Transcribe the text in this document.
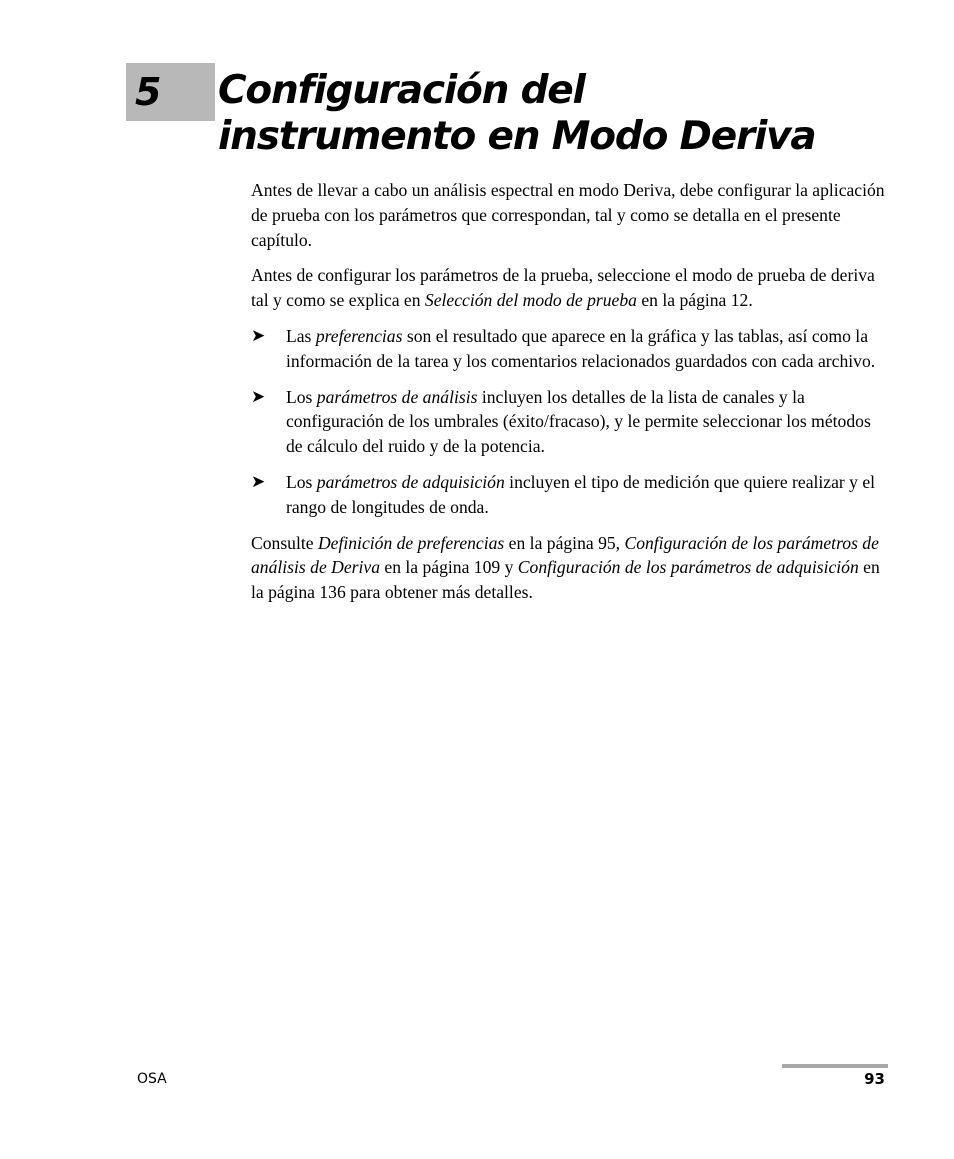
5 Configuración del
instrumento en Modo Deriva

Antes de llevar a cabo un análisis espectral en modo Deriva, debe configurar la aplicación de prueba con los parámetros que correspondan, tal y como se detalla en el presente capítulo.

Antes de configurar los parámetros de la prueba, seleccione el modo de prueba de deriva tal y como se explica en Selección del modo de prueba en la página 12.

➤ Las preferencias son el resultado que aparece en la gráfica y las tablas, así como la información de la tarea y los comentarios relacionados guardados con cada archivo.
➤ Los parámetros de análisis incluyen los detalles de la lista de canales y la configuración de los umbrales (éxito/fracaso), y le permite seleccionar los métodos de cálculo del ruido y de la potencia.
➤ Los parámetros de adquisición incluyen el tipo de medición que quiere realizar y el rango de longitudes de onda.

Consulte Definición de preferencias en la página 95, Configuración de los parámetros de análisis de Deriva en la página 109 y Configuración de los parámetros de adquisición en la página 136 para obtener más detalles.

OSA	93
